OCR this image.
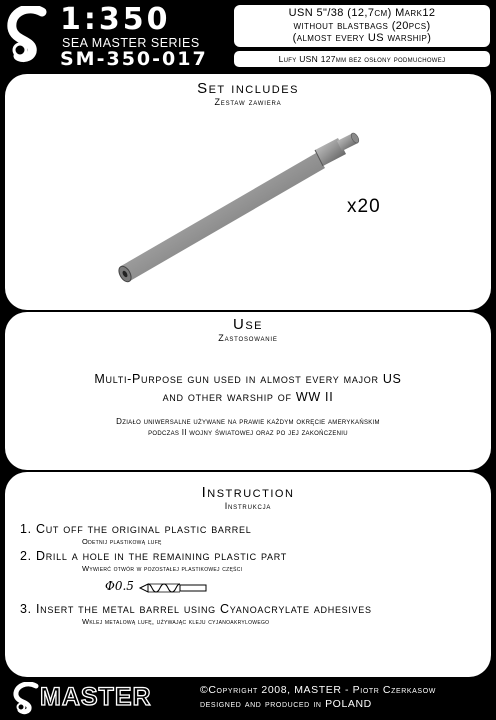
1:350
SEA MASTER SERIES
SM-350-017
USN 5"/38 (12,7cm) Mark12
without blastbags (20pcs)
(almost every US warship)
Lufy USN 127mm bez osłony podmuchowej
Set includes
Zestaw zawiera
x20
Use
Zastosowanie
Multi-Purpose gun used in almost every major US
and other warship of WW II
Działo uniwersalne używane na prawie każdym okręcie amerykańskim
podczas II wojny światowej oraz po jej zakończeniu
Instruction
Instrukcja
1. Cut off the original plastic barrel
Odetnij plastikową lufę
2. Drill a hole in the remaining plastic part
Wywierć otwór w pozostałej plastikowej części
Φ0.5
3. Insert the metal barrel using Cyanoacrylate adhesives
Wklej metalową lufę, używając kleju cyjanoakrylowego
MASTER	©Copyright 2008, MASTER - Piotr Czerkasow
designed and produced in POLAND
